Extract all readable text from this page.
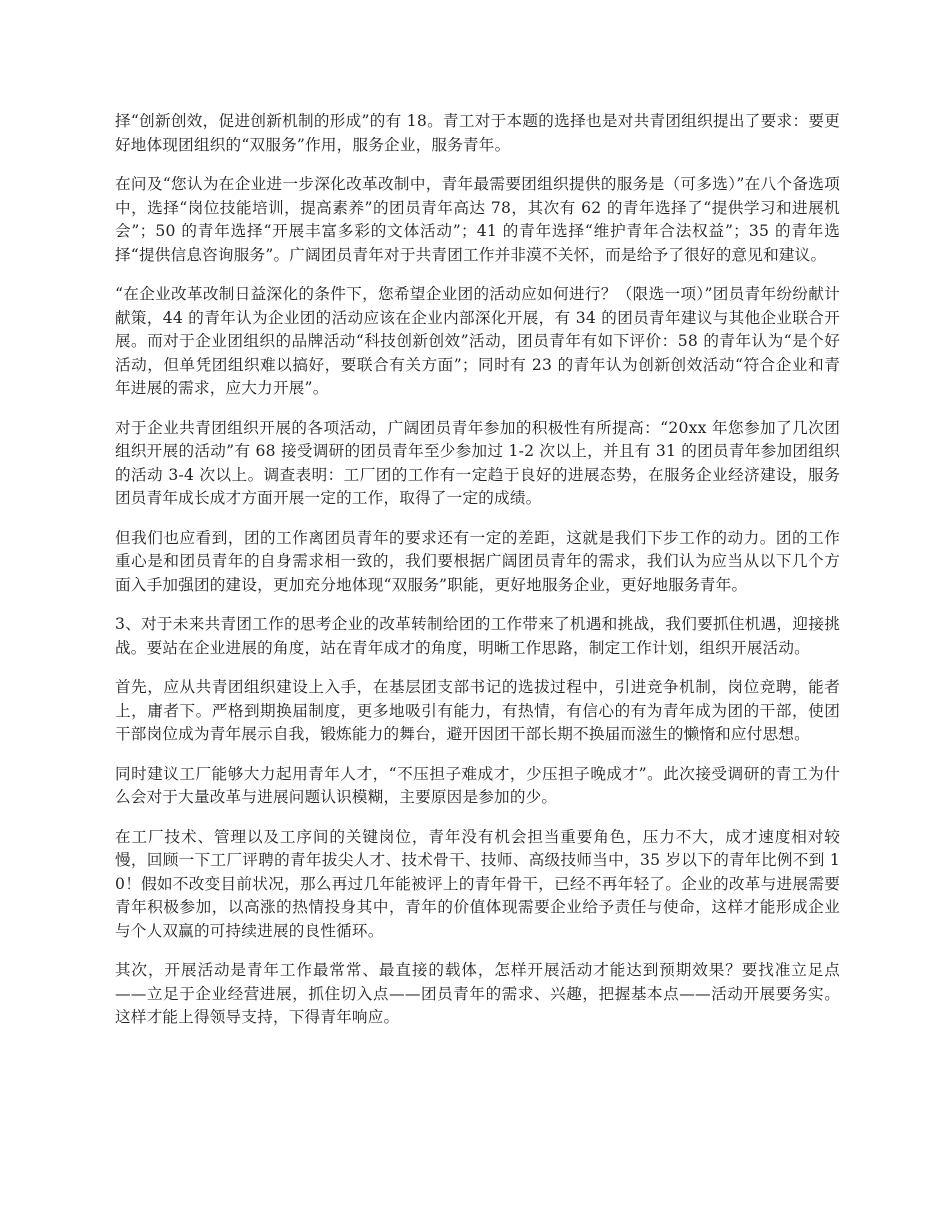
择“创新创效，促进创新机制的形成”的有 18。青工对于本题的选择也是对共青团组织提出了要求：要更好地体现团组织的“双服务”作用，服务企业，服务青年。

在问及“您认为在企业进一步深化改革改制中，青年最需要团组织提供的服务是（可多选）”在八个备选项中，选择“岗位技能培训，提高素养”的团员青年高达 78，其次有 62 的青年选择了“提供学习和进展机会”；50 的青年选择“开展丰富多彩的文体活动”；41 的青年选择“维护青年合法权益”；35 的青年选择“提供信息咨询服务”。广阔团员青年对于共青团工作并非漠不关怀，而是给予了很好的意见和建议。

“在企业改革改制日益深化的条件下，您希望企业团的活动应如何进行？（限选一项）”团员青年纷纷献计献策，44 的青年认为企业团的活动应该在企业内部深化开展，有 34 的团员青年建议与其他企业联合开展。而对于企业团组织的品牌活动“科技创新创效”活动，团员青年有如下评价：58 的青年认为“是个好活动，但单凭团组织难以搞好，要联合有关方面”；同时有 23 的青年认为创新创效活动“符合企业和青年进展的需求，应大力开展”。

对于企业共青团组织开展的各项活动，广阔团员青年参加的积极性有所提高：“20xx 年您参加了几次团组织开展的活动”有 68 接受调研的团员青年至少参加过 1-2 次以上，并且有 31 的团员青年参加团组织的活动 3-4 次以上。调查表明：工厂团的工作有一定趋于良好的进展态势，在服务企业经济建设，服务团员青年成长成才方面开展一定的工作，取得了一定的成绩。

但我们也应看到，团的工作离团员青年的要求还有一定的差距，这就是我们下步工作的动力。团的工作重心是和团员青年的自身需求相一致的，我们要根据广阔团员青年的需求，我们认为应当从以下几个方面入手加强团的建设，更加充分地体现“双服务”职能，更好地服务企业，更好地服务青年。

3、对于未来共青团工作的思考企业的改革转制给团的工作带来了机遇和挑战，我们要抓住机遇，迎接挑战。要站在企业进展的角度，站在青年成才的角度，明晰工作思路，制定工作计划，组织开展活动。

首先，应从共青团组织建设上入手，在基层团支部书记的选拔过程中，引进竞争机制，岗位竞聘，能者上，庸者下。严格到期换届制度，更多地吸引有能力，有热情，有信心的有为青年成为团的干部，使团干部岗位成为青年展示自我，锻炼能力的舞台，避开因团干部长期不换届而滋生的懒惰和应付思想。

同时建议工厂能够大力起用青年人才，“不压担子难成才，少压担子晚成才”。此次接受调研的青工为什么会对于大量改革与进展问题认识模糊，主要原因是参加的少。

在工厂技术、管理以及工序间的关键岗位，青年没有机会担当重要角色，压力不大，成才速度相对较慢，回顾一下工厂评聘的青年拔尖人才、技术骨干、技师、高级技师当中，35 岁以下的青年比例不到 10！假如不改变目前状况，那么再过几年能被评上的青年骨干，已经不再年轻了。企业的改革与进展需要青年积极参加，以高涨的热情投身其中，青年的价值体现需要企业给予责任与使命，这样才能形成企业与个人双赢的可持续进展的良性循环。

其次，开展活动是青年工作最常常、最直接的载体，怎样开展活动才能达到预期效果？要找准立足点——立足于企业经营进展，抓住切入点——团员青年的需求、兴趣，把握基本点——活动开展要务实。这样才能上得领导支持，下得青年响应。
